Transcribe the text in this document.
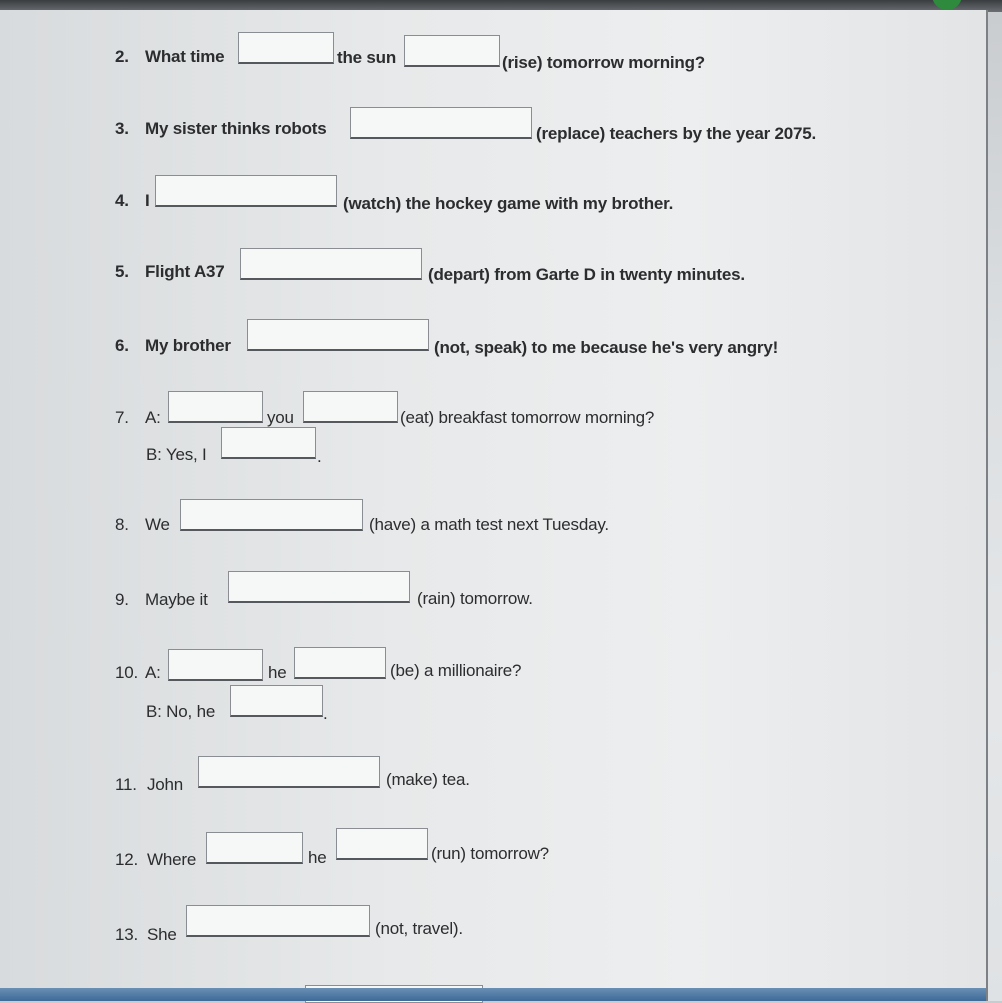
2. What time	the sun	(rise) tomorrow morning?
3. My sister thinks robots	(replace) teachers by the year 2075.
4. I	(watch) the hockey game with my brother.
5. Flight A37	(depart) from Garte D in twenty minutes.
6. My brother	(not, speak) to me because he's very angry!
7. A:	you	(eat) breakfast tomorrow morning?
B: Yes, I	.
8. We	(have) a math test next Tuesday.
9. Maybe it	(rain) tomorrow.
10. A:	he	(be) a millionaire?
B: No, he	.
11. John	(make) tea.
12. Where	he	(run) tomorrow?
13. She	(not, travel).
